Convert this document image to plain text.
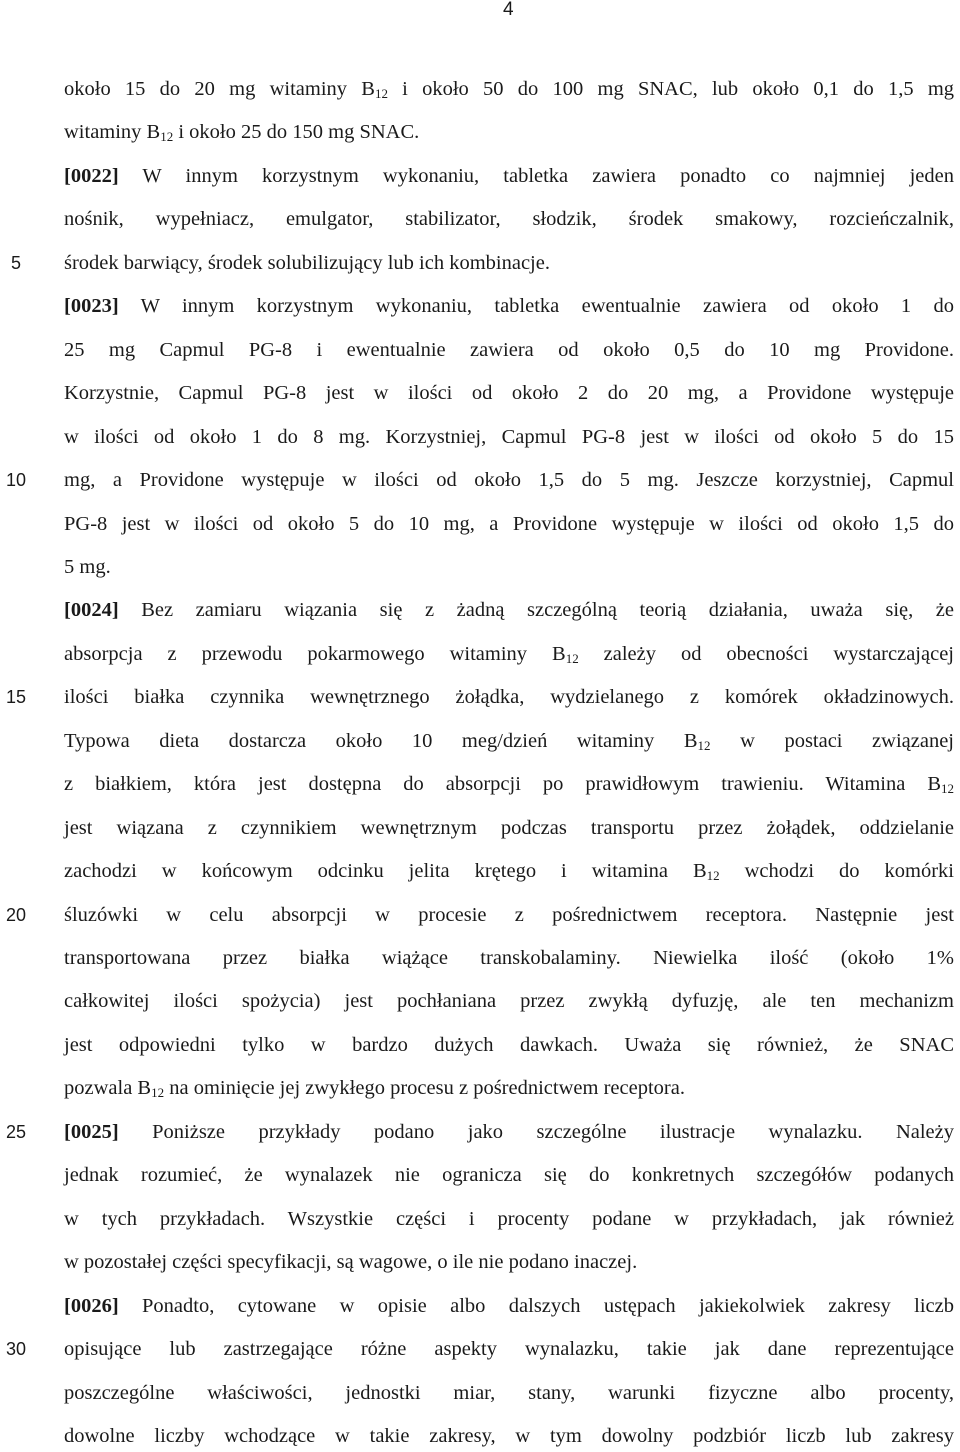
4
5
10
15
20
25
30
około 15 do 20 mg witaminy $B_{12}$ i około 50 do 100 mg SNAC, lub około 0,1 do 1,5 mg
witaminy $B_{12}$ i około 25 do 150 mg SNAC.
[0022] W innym korzystnym wykonaniu, tabletka zawiera ponadto co najmniej jeden
nośnik, wypełniacz, emulgator, stabilizator, słodzik, środek smakowy, rozcieńczalnik,
środek barwiący, środek solubilizujący lub ich kombinacje.
[0023] W innym korzystnym wykonaniu, tabletka ewentualnie zawiera od około 1 do
25 mg Capmul PG-8 i ewentualnie zawiera od około 0,5 do 10 mg Providone.
Korzystnie, Capmul PG-8 jest w ilości od około 2 do 20 mg, a Providone występuje
w ilości od około 1 do 8 mg. Korzystniej, Capmul PG-8 jest w ilości od około 5 do 15
mg, a Providone występuje w ilości od około 1,5 do 5 mg. Jeszcze korzystniej, Capmul
PG-8 jest w ilości od około 5 do 10 mg, a Providone występuje w ilości od około 1,5 do
5 mg.
[0024] Bez zamiaru wiązania się z żadną szczególną teorią działania, uważa się, że
absorpcja z przewodu pokarmowego witaminy $B_{12}$ zależy od obecności wystarczającej
ilości białka czynnika wewnętrznego żołądka, wydzielanego z komórek okładzinowych.
Typowa dieta dostarcza około 10 meg/dzień witaminy $B_{12}$ w postaci związanej
z białkiem, która jest dostępna do absorpcji po prawidłowym trawieniu. Witamina $B_{12}$
jest wiązana z czynnikiem wewnętrznym podczas transportu przez żołądek, oddzielanie
zachodzi w końcowym odcinku jelita krętego i witamina $B_{12}$ wchodzi do komórki
śluzówki w celu absorpcji w procesie z pośrednictwem receptora. Następnie jest
transportowana przez białka wiążące transkobalaminy. Niewielka ilość (około 1%
całkowitej ilości spożycia) jest pochłaniana przez zwykłą dyfuzję, ale ten mechanizm
jest odpowiedni tylko w bardzo dużych dawkach. Uważa się również, że SNAC
pozwala $B_{12}$ na ominięcie jej zwykłego procesu z pośrednictwem receptora.
[0025] Poniższe przykłady podano jako szczególne ilustracje wynalazku. Należy
jednak rozumieć, że wynalazek nie ogranicza się do konkretnych szczegółów podanych
w tych przykładach. Wszystkie części i procenty podane w przykładach, jak również
w pozostałej części specyfikacji, są wagowe, o ile nie podano inaczej.
[0026] Ponadto, cytowane w opisie albo dalszych ustępach jakiekolwiek zakresy liczb
opisujące lub zastrzegające różne aspekty wynalazku, takie jak dane reprezentujące
poszczególne właściwości, jednostki miar, stany, warunki fizyczne albo procenty,
dowolne liczby wchodzące w takie zakresy, w tym dowolny podzbiór liczb lub zakresy
